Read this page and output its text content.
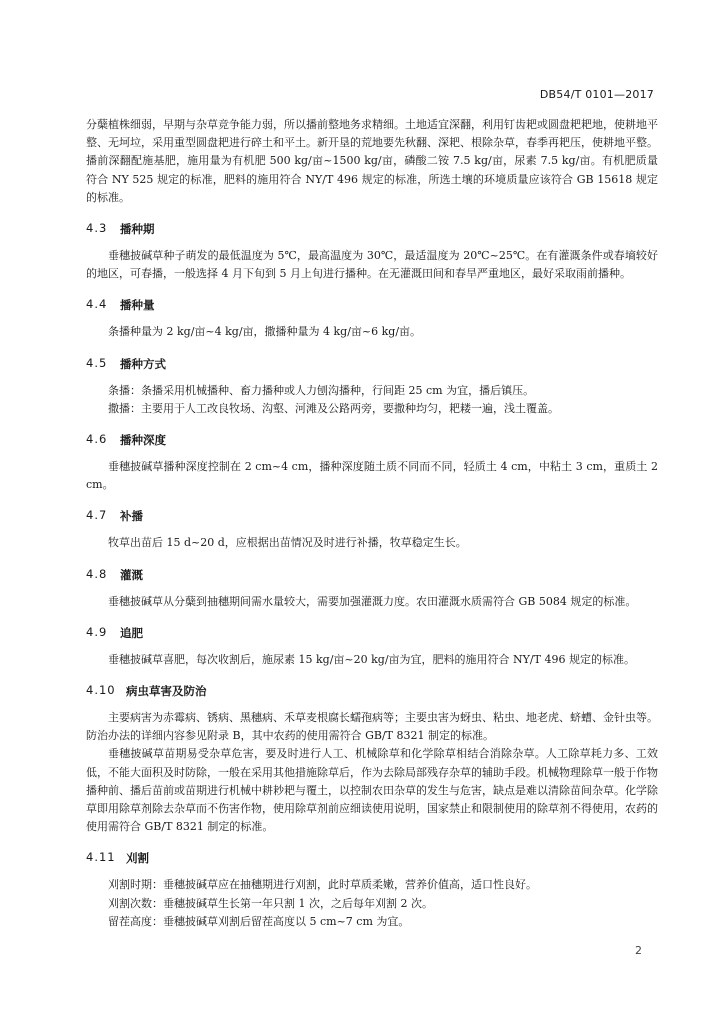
DB54/T 0101—2017

分蘖植株细弱，早期与杂草竞争能力弱，所以播前整地务求精细。土地适宜深翻，利用钉齿耙或圆盘耙耙地，使耕地平整、无坷垃，采用重型圆盘耙进行碎土和平土。新开垦的荒地要先秋翻、深耙、根除杂草，春季再耙压，使耕地平整。播前深翻配施基肥，施用量为有机肥 500 kg/亩~1500 kg/亩，磷酸二铵 7.5 kg/亩，尿素 7.5 kg/亩。有机肥质量符合 NY 525 规定的标准，肥料的施用符合 NY/T 496 规定的标准，所选土壤的环境质量应该符合 GB 15618 规定的标准。

4.3	播种期

垂穗披碱草种子萌发的最低温度为 5℃，最高温度为 30℃，最适温度为 20℃~25℃。在有灌溉条件或春墒较好的地区，可春播，一般选择 4 月下旬到 5 月上旬进行播种。在无灌溉田间和春旱严重地区，最好采取雨前播种。

4.4	播种量

条播种量为 2 kg/亩~4 kg/亩，撒播种量为 4 kg/亩~6 kg/亩。

4.5	播种方式

条播：条播采用机械播种、畜力播种或人力刨沟播种，行间距 25 cm 为宜，播后镇压。

撒播：主要用于人工改良牧场、沟壑、河滩及公路两旁，要撒种均匀，耙耧一遍，浅土覆盖。

4.6	播种深度

垂穗披碱草播种深度控制在 2 cm~4 cm，播种深度随土质不同而不同，轻质土 4 cm，中粘土 3 cm，重质土 2 cm。

4.7	补播

牧草出苗后 15 d~20 d，应根据出苗情况及时进行补播，牧草稳定生长。

4.8	灌溉

垂穗披碱草从分蘖到抽穗期间需水量较大，需要加强灌溉力度。农田灌溉水质需符合 GB 5084 规定的标准。

4.9	追肥

垂穗披碱草喜肥，每次收割后，施尿素 15 kg/亩~20 kg/亩为宜，肥料的施用符合 NY/T 496 规定的标准。

4.10 病虫草害及防治

主要病害为赤霉病、锈病、黑穗病、禾草麦根腐长蠕孢病等；主要虫害为蚜虫、粘虫、地老虎、蛴螬、金针虫等。防治办法的详细内容参见附录 B，其中农药的使用需符合 GB/T 8321 制定的标准。

垂穗披碱草苗期易受杂草危害，要及时进行人工、机械除草和化学除草相结合消除杂草。人工除草耗力多、工效低，不能大面积及时防除，一般在采用其他措施除草后，作为去除局部残存杂草的辅助手段。机械物理除草一般于作物播种前、播后苗前或苗期进行机械中耕耖耙与覆土，以控制农田杂草的发生与危害，缺点是难以清除苗间杂草。化学除草即用除草剂除去杂草而不伤害作物，使用除草剂前应细读使用说明，国家禁止和限制使用的除草剂不得使用，农药的使用需符合 GB/T 8321 制定的标准。

4.11 刈割

刈割时期：垂穗披碱草应在抽穗期进行刈割，此时草质柔嫩，营养价值高，适口性良好。

刈割次数：垂穗披碱草生长第一年只割 1 次，之后每年刈割 2 次。

留茬高度：垂穗披碱草刈割后留茬高度以 5 cm~7 cm 为宜。

2
